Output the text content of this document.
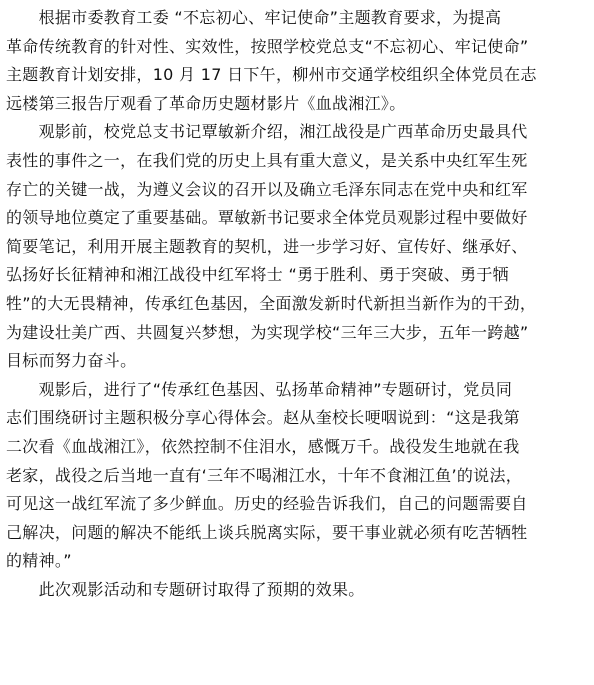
　　根据市委教育工委 “不忘初心、牢记使命”主题教育要求，为提高
革命传统教育的针对性、实效性，按照学校党总支“不忘初心、牢记使命”
主题教育计划安排，10 月 17 日下午，柳州市交通学校组织全体党员在志
远楼第三报告厅观看了革命历史题材影片《血战湘江》。

　　观影前，校党总支书记覃敏新介绍，湘江战役是广西革命历史最具代
表性的事件之一，在我们党的历史上具有重大意义，是关系中央红军生死
存亡的关键一战，为遵义会议的召开以及确立毛泽东同志在党中央和红军
的领导地位奠定了重要基础。覃敏新书记要求全体党员观影过程中要做好
简要笔记，利用开展主题教育的契机，进一步学习好、宣传好、继承好、
弘扬好长征精神和湘江战役中红军将士 “勇于胜利、勇于突破、勇于牺
牲”的大无畏精神，传承红色基因，全面激发新时代新担当新作为的干劲，
为建设壮美广西、共圆复兴梦想，为实现学校“三年三大步，五年一跨越”
目标而努力奋斗。

　　观影后，进行了“传承红色基因、弘扬革命精神”专题研讨，党员同
志们围绕研讨主题积极分享心得体会。赵从奎校长哽咽说到：“这是我第
二次看《血战湘江》，依然控制不住泪水，感慨万千。战役发生地就在我
老家，战役之后当地一直有‘三年不喝湘江水，十年不食湘江鱼’的说法，
可见这一战红军流了多少鲜血。历史的经验告诉我们，自己的问题需要自
己解决，问题的解决不能纸上谈兵脱离实际，要干事业就必须有吃苦牺牲
的精神。”

　　此次观影活动和专题研讨取得了预期的效果。
